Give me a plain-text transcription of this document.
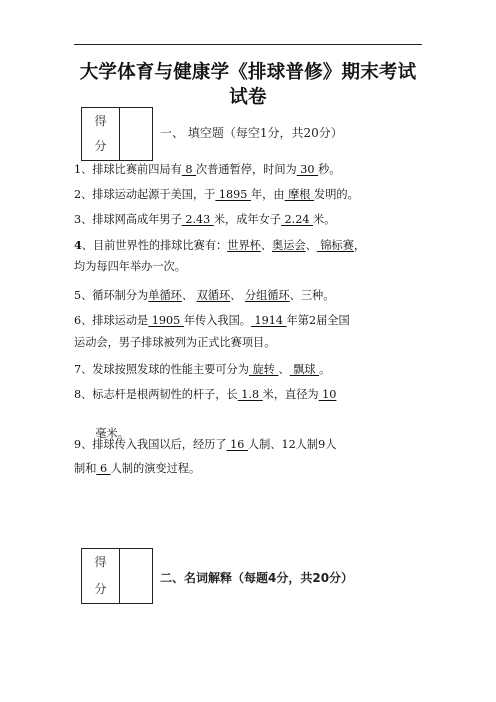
大学体育与健康学《排球普修》期末考试
试卷
得
分
一、 填空题（每空1分，共20分）
1、排球比赛前四局有 8 次普通暂停，时间为 30 秒。
2、排球运动起源于美国，于 1895 年，由 摩根 发明的。
3、排球网高成年男子 2.43 米，成年女子 2.24 米。
4、目前世界性的排球比赛有：世界杯、奥运会、 锦标赛，
均为每四年举办一次。
5、循环制分为单循环、 双循环、 分组循环、三种。
6、排球运动是 1905 年传入我国。 1914 年第2届全国
运动会，男子排球被列为正式比赛项目。
7、发球按照发球的性能主要可分为 旋转 、 飘球 。
8、标志杆是根两韧性的杆子，长 1.8 米，直径为 10

毫米。

9、排球传入我国以后，经历了 16 人制、12人制9人
制和 6 人制的演变过程。
得
分
二、名词解释（每题4分，共20分）
